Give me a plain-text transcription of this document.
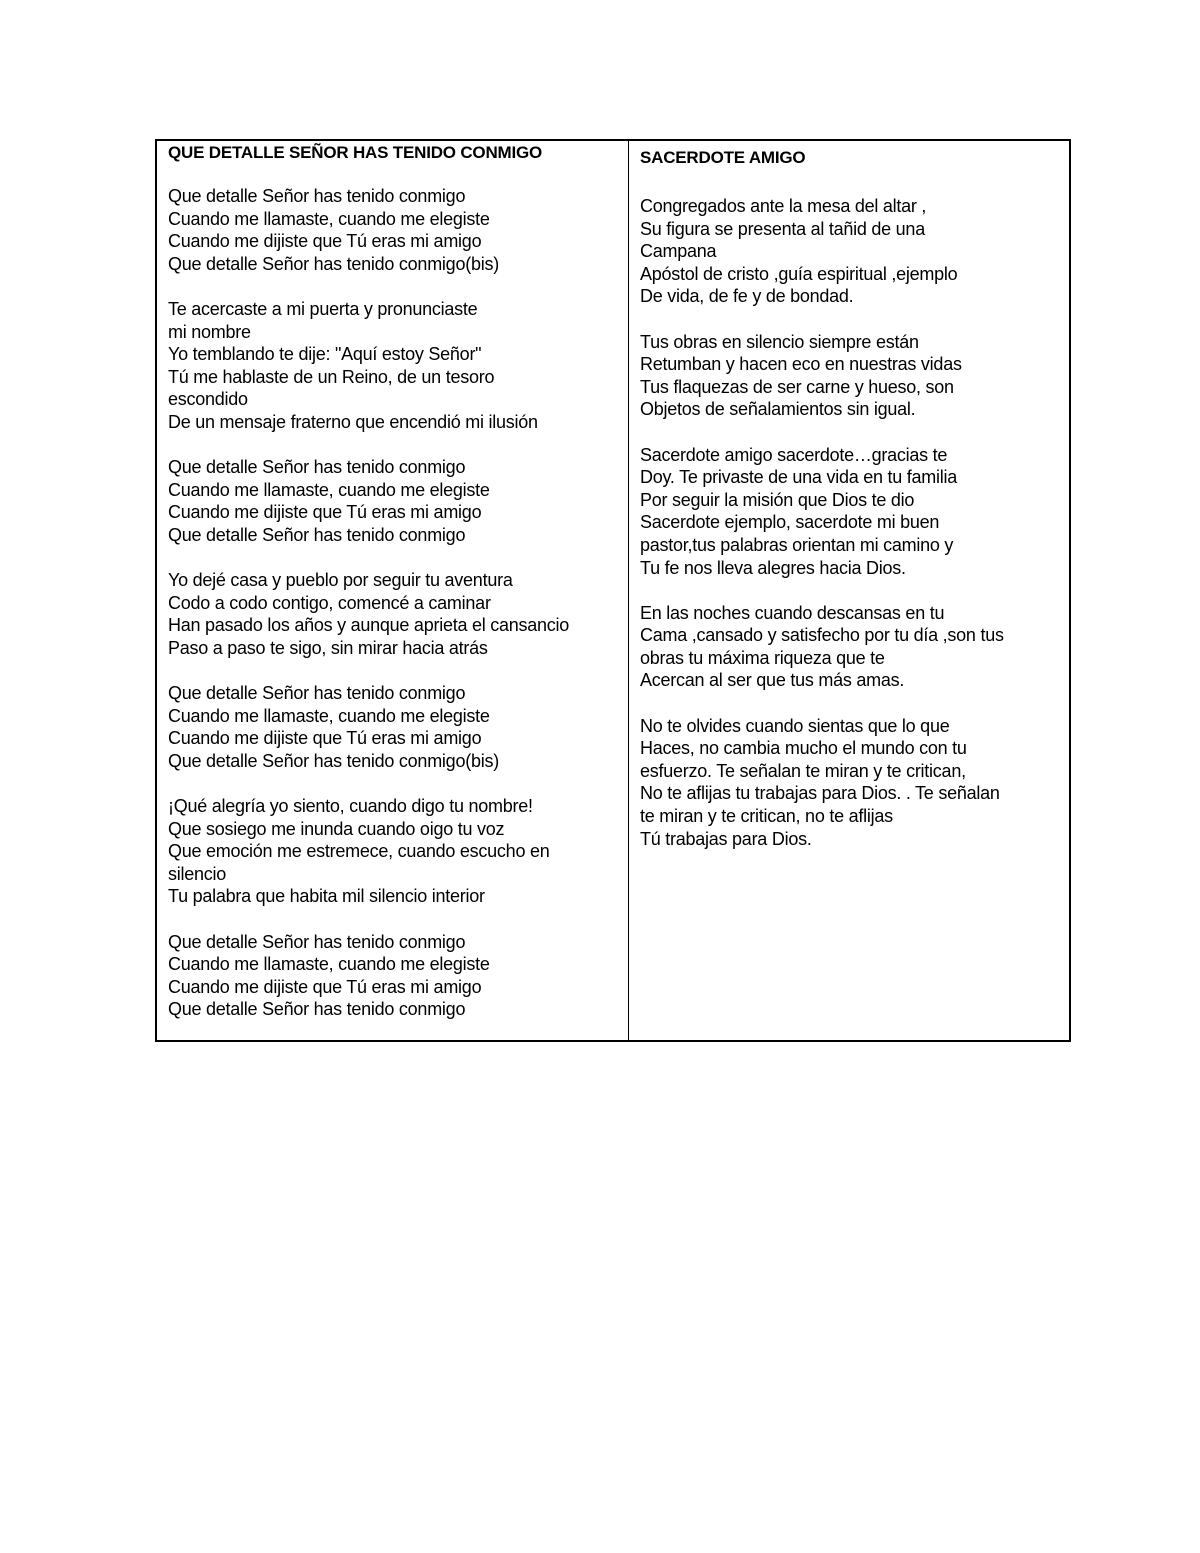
QUE DETALLE SEÑOR HAS TENIDO CONMIGO
Que detalle Señor has tenido conmigo
Cuando me llamaste, cuando me elegiste
Cuando me dijiste que Tú eras mi amigo
Que detalle Señor has tenido conmigo(bis)
Te acercaste a mi puerta y pronunciaste
mi nombre
Yo temblando te dije: "Aquí estoy Señor"
Tú me hablaste de un Reino, de un tesoro
escondido
De un mensaje fraterno que encendió mi ilusión
Que detalle Señor has tenido conmigo
Cuando me llamaste, cuando me elegiste
Cuando me dijiste que Tú eras mi amigo
Que detalle Señor has tenido conmigo
Yo dejé casa y pueblo por seguir tu aventura
Codo a codo contigo, comencé a caminar
Han pasado los años y aunque aprieta el cansancio
Paso a paso te sigo, sin mirar hacia atrás
Que detalle Señor has tenido conmigo
Cuando me llamaste, cuando me elegiste
Cuando me dijiste que Tú eras mi amigo
Que detalle Señor has tenido conmigo(bis)
¡Qué alegría yo siento, cuando digo tu nombre!
Que sosiego me inunda cuando oigo tu voz
Que emoción me estremece, cuando escucho en
silencio
Tu palabra que habita mil silencio interior
Que detalle Señor has tenido conmigo
Cuando me llamaste, cuando me elegiste
Cuando me dijiste que Tú eras mi amigo
Que detalle Señor has tenido conmigo
SACERDOTE AMIGO
Congregados ante la mesa del altar ,
Su figura se presenta al tañid de una
Campana
Apóstol de cristo ,guía espiritual ,ejemplo
De vida, de fe y de bondad.
Tus obras en silencio siempre están
Retumban y hacen eco en nuestras vidas
Tus flaquezas de ser carne y hueso, son
Objetos de señalamientos sin igual.
Sacerdote amigo sacerdote…gracias te
Doy. Te privaste de una vida en tu familia
Por seguir la misión que Dios te dio
Sacerdote ejemplo, sacerdote mi buen
pastor,tus palabras orientan mi camino y
Tu fe nos lleva alegres hacia Dios.
En las noches cuando descansas en tu
Cama ,cansado y satisfecho por tu día ,son tus
obras tu máxima riqueza que te
Acercan al ser que tus más amas.
No te olvides cuando sientas que lo que
Haces, no cambia mucho el mundo con tu
esfuerzo. Te señalan te miran y te critican,
No te aflijas tu trabajas para Dios. . Te señalan
te miran y te critican, no te aflijas
Tú trabajas para Dios.
